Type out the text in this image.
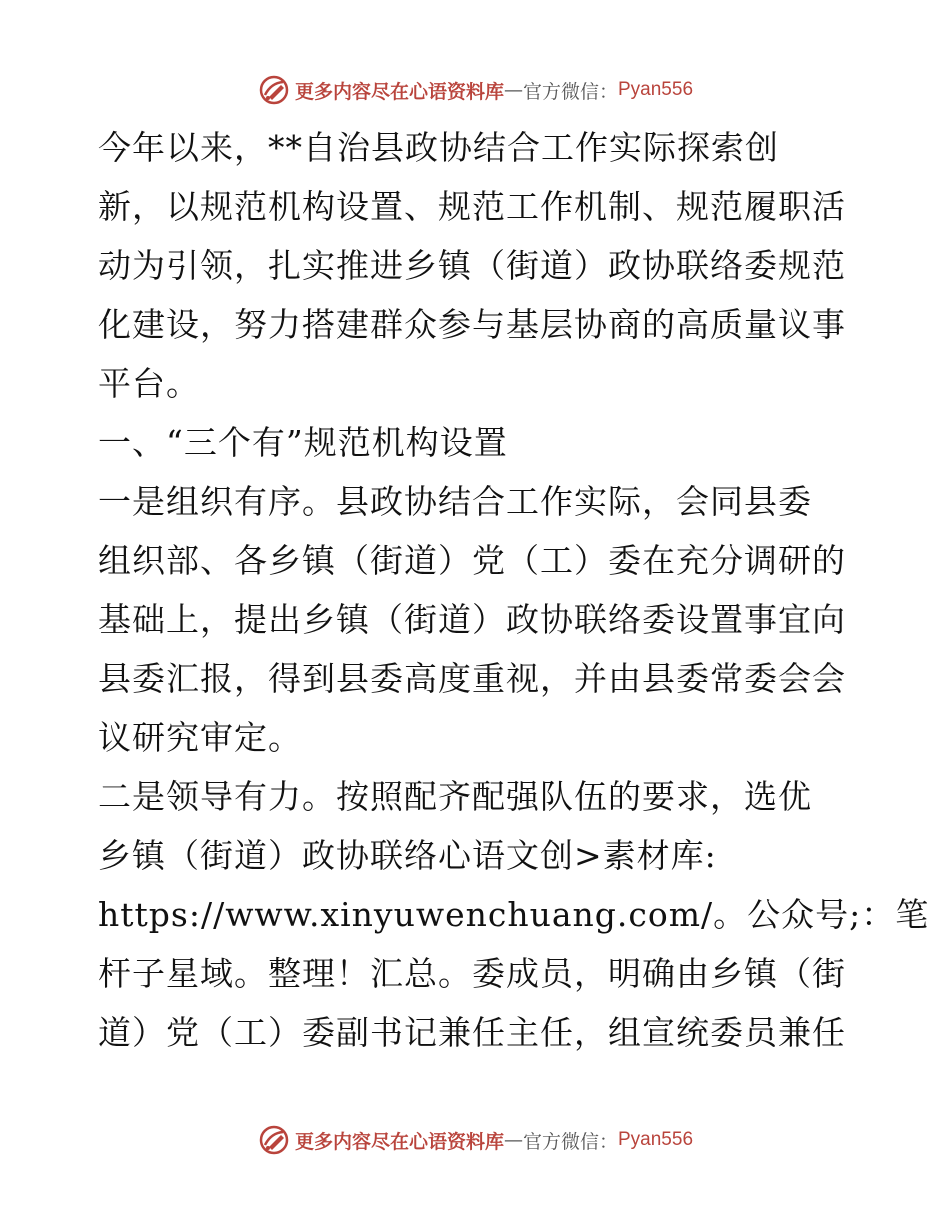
更多内容尽在心语资料库 — 官方微信： Pyan556
今年以来，**自治县政协结合工作实际探索创
新，以规范机构设置、规范工作机制、规范履职活
动为引领，扎实推进乡镇（街道）政协联络委规范
化建设，努力搭建群众参与基层协商的高质量议事
平台。
一、“三个有”规范机构设置
一是组织有序。县政协结合工作实际，会同县委
组织部、各乡镇（街道）党（工）委在充分调研的
基础上，提出乡镇（街道）政协联络委设置事宜向
县委汇报，得到县委高度重视，并由县委常委会会
议研究审定。
二是领导有力。按照配齐配强队伍的要求，选优
乡镇（街道）政协联络心语文创>素材库:
https://www.xinyuwenchuang.com/。公众号;：笔
杆子星域。整理！汇总。委成员，明确由乡镇（街
道）党（工）委副书记兼任主任，组宣统委员兼任
更多内容尽在心语资料库 — 官方微信： Pyan556
